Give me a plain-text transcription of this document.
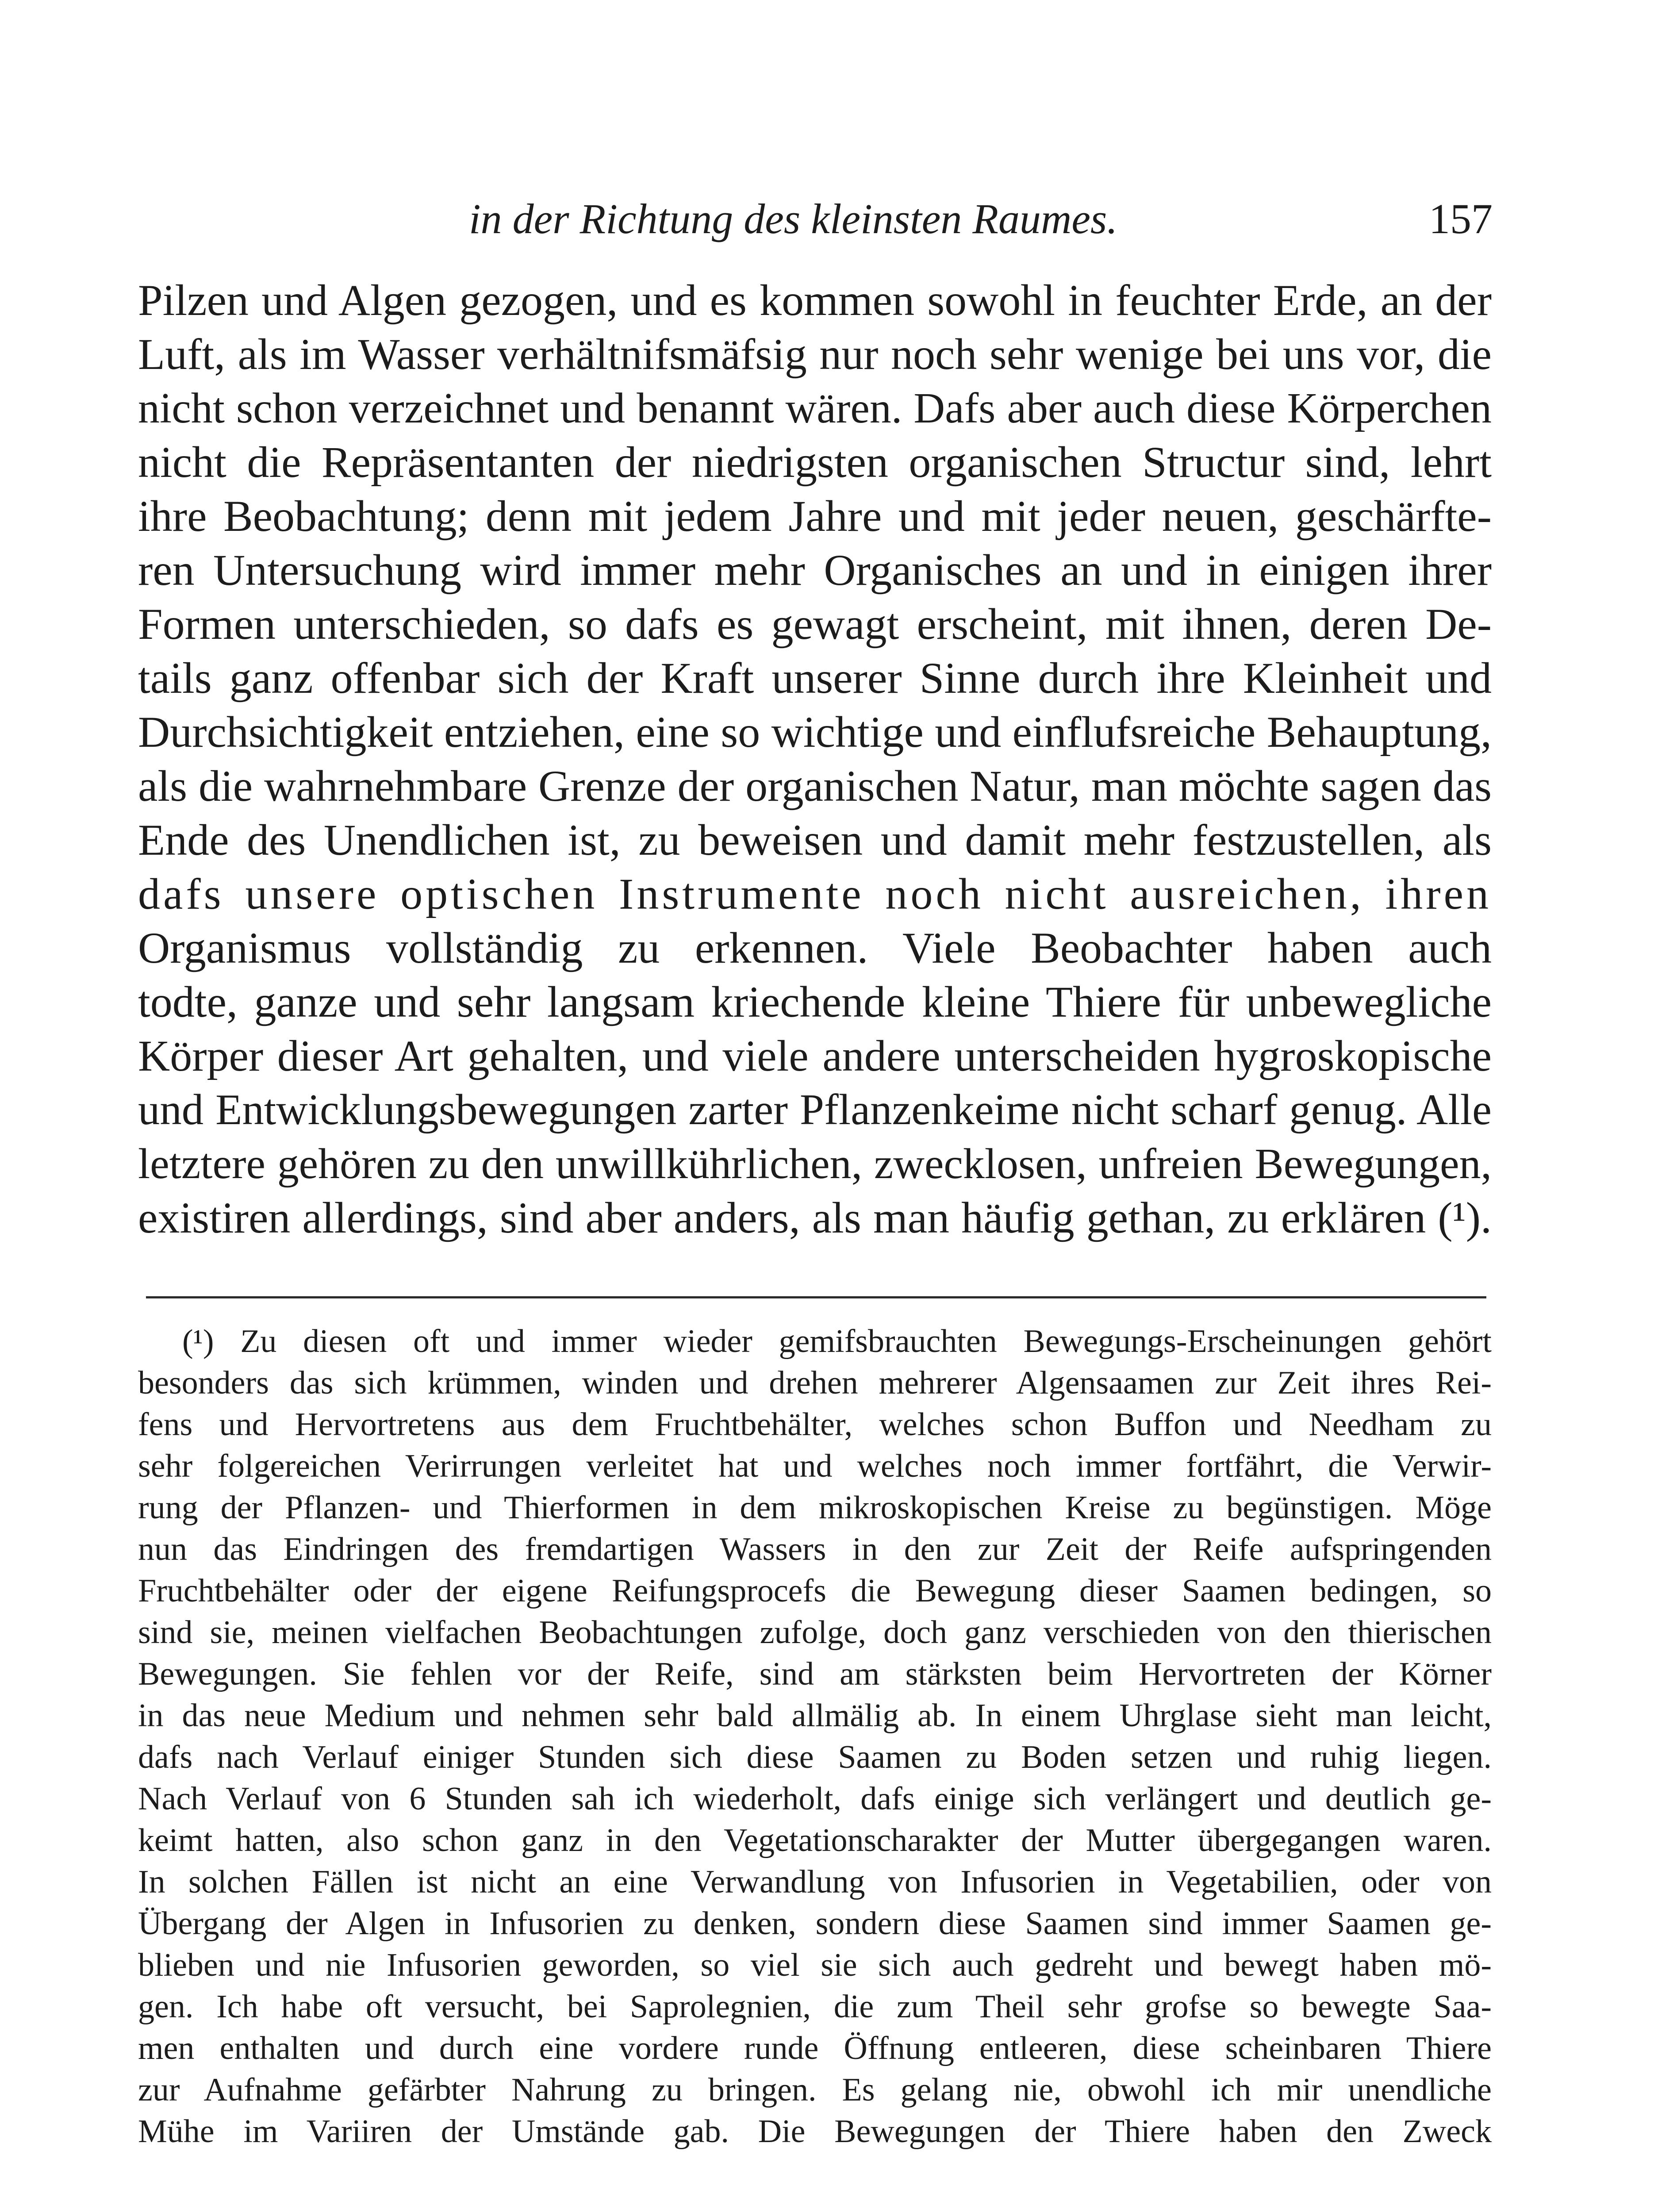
in der Richtung des kleinsten Raumes.	157
Pilzen und Algen gezogen, und es kommen sowohl in feuchter Erde, an der
Luft, als im Wasser verhältnifsmäfsig nur noch sehr wenige bei uns vor, die
nicht schon verzeichnet und benannt wären. Dafs aber auch diese Körperchen
nicht die Repräsentanten der niedrigsten organischen Structur sind, lehrt
ihre Beobachtung; denn mit jedem Jahre und mit jeder neuen, geschärfte-
ren Untersuchung wird immer mehr Organisches an und in einigen ihrer
Formen unterschieden, so dafs es gewagt erscheint, mit ihnen, deren De-
tails ganz offenbar sich der Kraft unserer Sinne durch ihre Kleinheit und
Durchsichtigkeit entziehen, eine so wichtige und einflufsreiche Behauptung,
als die wahrnehmbare Grenze der organischen Natur, man möchte sagen das
Ende des Unendlichen ist, zu beweisen und damit mehr festzustellen, als
dafs unsere optischen Instrumente noch nicht ausreichen, ihren
Organismus vollständig zu erkennen. Viele Beobachter haben auch
todte, ganze und sehr langsam kriechende kleine Thiere für unbewegliche
Körper dieser Art gehalten, und viele andere unterscheiden hygroskopische
und Entwicklungsbewegungen zarter Pflanzenkeime nicht scharf genug. Alle
letztere gehören zu den unwillkührlichen, zwecklosen, unfreien Bewegungen,
existiren allerdings, sind aber anders, als man häufig gethan, zu erklären (¹).
(¹) Zu diesen oft und immer wieder gemifsbrauchten Bewegungs-Erscheinungen gehört
besonders das sich krümmen, winden und drehen mehrerer Algensaamen zur Zeit ihres Rei-
fens und Hervortretens aus dem Fruchtbehälter, welches schon Buffon und Needham zu
sehr folgereichen Verirrungen verleitet hat und welches noch immer fortfährt, die Verwir-
rung der Pflanzen- und Thierformen in dem mikroskopischen Kreise zu begünstigen. Möge
nun das Eindringen des fremdartigen Wassers in den zur Zeit der Reife aufspringenden
Fruchtbehälter oder der eigene Reifungsprocefs die Bewegung dieser Saamen bedingen, so
sind sie, meinen vielfachen Beobachtungen zufolge, doch ganz verschieden von den thierischen
Bewegungen. Sie fehlen vor der Reife, sind am stärksten beim Hervortreten der Körner
in das neue Medium und nehmen sehr bald allmälig ab. In einem Uhrglase sieht man leicht,
dafs nach Verlauf einiger Stunden sich diese Saamen zu Boden setzen und ruhig liegen.
Nach Verlauf von 6 Stunden sah ich wiederholt, dafs einige sich verlängert und deutlich ge-
keimt hatten, also schon ganz in den Vegetationscharakter der Mutter übergegangen waren.
In solchen Fällen ist nicht an eine Verwandlung von Infusorien in Vegetabilien, oder von
Übergang der Algen in Infusorien zu denken, sondern diese Saamen sind immer Saamen ge-
blieben und nie Infusorien geworden, so viel sie sich auch gedreht und bewegt haben mö-
gen. Ich habe oft versucht, bei Saprolegnien, die zum Theil sehr grofse so bewegte Saa-
men enthalten und durch eine vordere runde Öffnung entleeren, diese scheinbaren Thiere
zur Aufnahme gefärbter Nahrung zu bringen. Es gelang nie, obwohl ich mir unendliche
Mühe im Variiren der Umstände gab. Die Bewegungen der Thiere haben den Zweck
